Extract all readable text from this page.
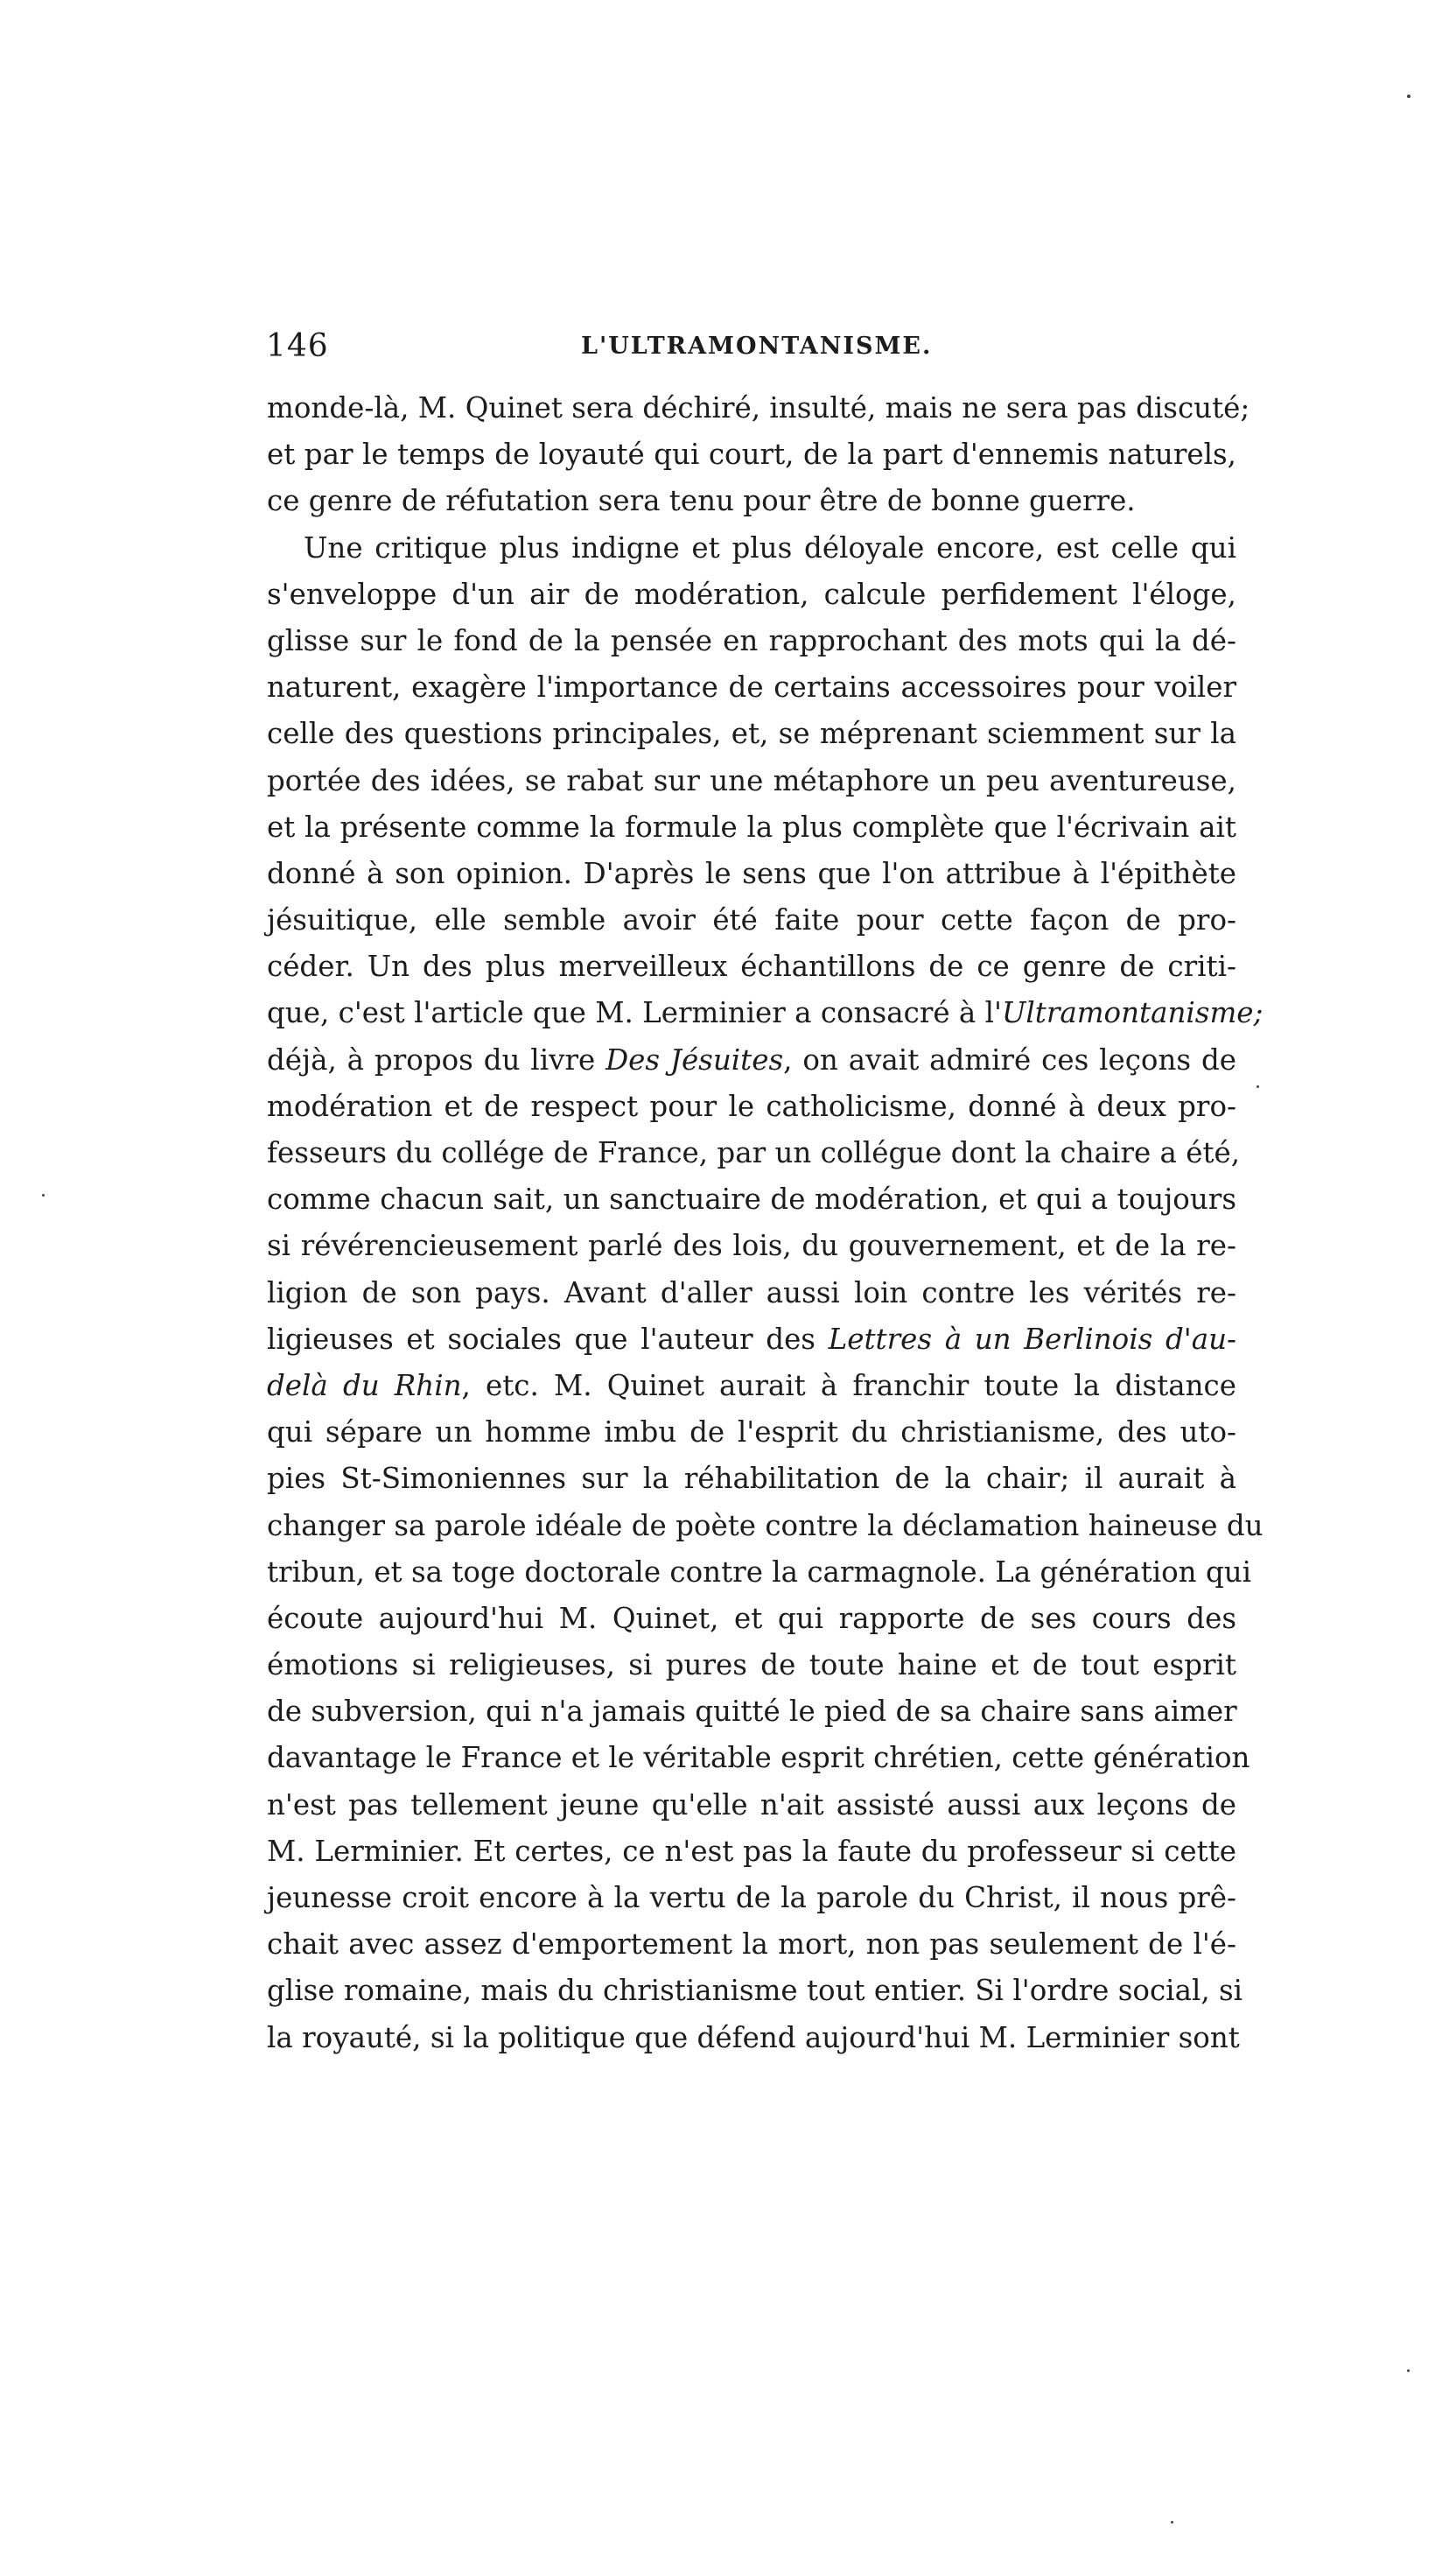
146	L'ULTRAMONTANISME.
monde-là, M. Quinet sera déchiré, insulté, mais ne sera pas discuté;
et par le temps de loyauté qui court, de la part d'ennemis naturels,
ce genre de réfutation sera tenu pour être de bonne guerre.
Une critique plus indigne et plus déloyale encore, est celle qui
s'enveloppe d'un air de modération, calcule perfidement l'éloge,
glisse sur le fond de la pensée en rapprochant des mots qui la dé-
naturent, exagère l'importance de certains accessoires pour voiler
celle des questions principales, et, se méprenant sciemment sur la
portée des idées, se rabat sur une métaphore un peu aventureuse,
et la présente comme la formule la plus complète que l'écrivain ait
donné à son opinion. D'après le sens que l'on attribue à l'épithète
jésuitique, elle semble avoir été faite pour cette façon de pro-
céder. Un des plus merveilleux échantillons de ce genre de criti-
que, c'est l'article que M. Lerminier a consacré à l'Ultramontanisme;
déjà, à propos du livre Des Jésuites, on avait admiré ces leçons de
modération et de respect pour le catholicisme, donné à deux pro-
fesseurs du collége de France, par un collégue dont la chaire a été,
comme chacun sait, un sanctuaire de modération, et qui a toujours
si révérencieusement parlé des lois, du gouvernement, et de la re-
ligion de son pays. Avant d'aller aussi loin contre les vérités re-
ligieuses et sociales que l'auteur des Lettres à un Berlinois d'au-
delà du Rhin, etc. M. Quinet aurait à franchir toute la distance
qui sépare un homme imbu de l'esprit du christianisme, des uto-
pies St-Simoniennes sur la réhabilitation de la chair; il aurait à
changer sa parole idéale de poète contre la déclamation haineuse du
tribun, et sa toge doctorale contre la carmagnole. La génération qui
écoute aujourd'hui M. Quinet, et qui rapporte de ses cours des
émotions si religieuses, si pures de toute haine et de tout esprit
de subversion, qui n'a jamais quitté le pied de sa chaire sans aimer
davantage le France et le véritable esprit chrétien, cette génération
n'est pas tellement jeune qu'elle n'ait assisté aussi aux leçons de
M. Lerminier. Et certes, ce n'est pas la faute du professeur si cette
jeunesse croit encore à la vertu de la parole du Christ, il nous prê-
chait avec assez d'emportement la mort, non pas seulement de l'é-
glise romaine, mais du christianisme tout entier. Si l'ordre social, si
la royauté, si la politique que défend aujourd'hui M. Lerminier sont
